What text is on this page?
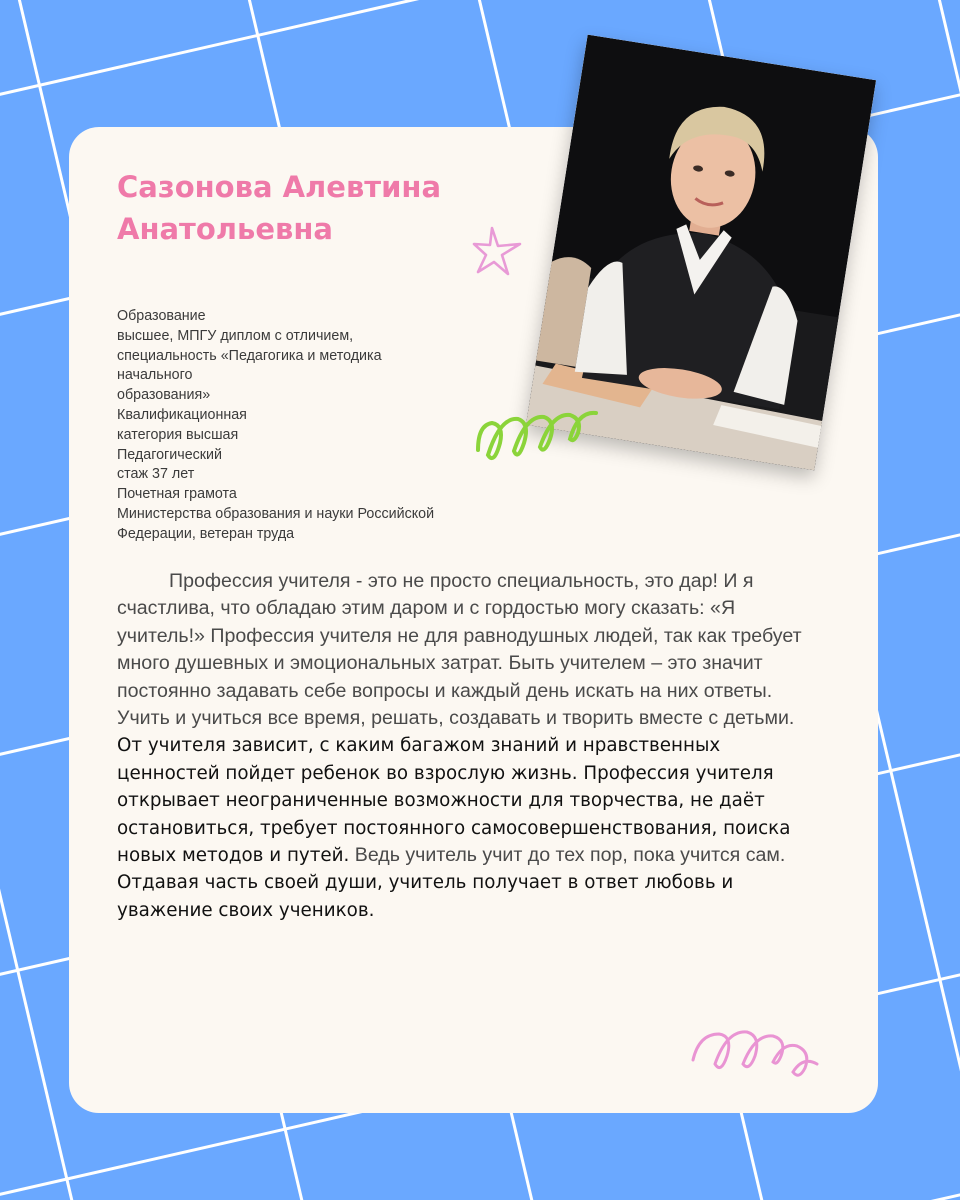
Сазонова Алевтина
Анатольевна
Образование
высшее, МПГУ диплом с отличием,
специальность «Педагогика и методика
начального
образования»
Квалификационная
категория высшая
Педагогический
стаж 37 лет
Почетная грамота
Министерства образования и науки Российской
Федерации, ветеран труда
Профессия учителя - это не просто специальность, это дар! И я счастлива, что обладаю этим даром и с гордостью могу сказать: «Я учитель!» Профессия учителя не для равнодушных людей, так как требует много душевных и эмоциональных затрат. Быть учителем – это значит постоянно задавать себе вопросы и каждый день искать на них ответы. Учить и учиться все время, решать, создавать и творить вместе с детьми. От учителя зависит, с каким багажом знаний и нравственных ценностей пойдет ребенок во взрослую жизнь. Профессия учителя открывает неограниченные возможности для творчества, не даёт остановиться, требует постоянного самосовершенствования, поиска новых методов и путей. Ведь учитель учит до тех пор, пока учится сам. Отдавая часть своей души, учитель получает в ответ любовь и уважение своих учеников.
